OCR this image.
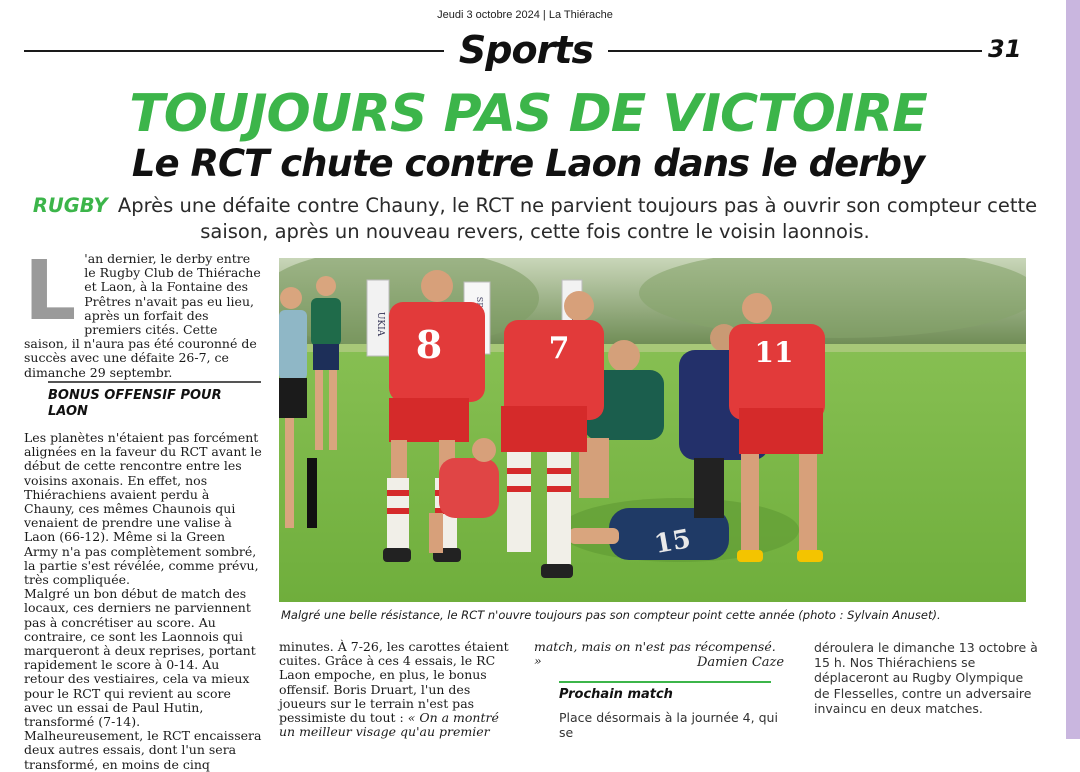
Jeudi 3 octobre 2024 | La Thiérache
Sports	31
TOUJOURS PAS DE VICTOIRE
Le RCT chute contre Laon dans le derby
RUGBY Après une défaite contre Chauny, le RCT ne parvient toujours pas à ouvrir son compteur cette saison, après un nouveau revers, cette fois contre le voisin laonnois.
L 'an dernier, le derby entre le Rugby Club de Thiérache et Laon, à la Fontaine des Prêtres n'avait pas eu lieu, après un forfait des premiers cités. Cette saison, il n'aura pas été couronné de succès avec une défaite 26-7, ce dimanche 29 septembr.
BONUS OFFENSIF POUR LAON

Les planètes n'étaient pas forcément alignées en la faveur du RCT avant le début de cette rencontre entre les voisins axonais. En effet, nos Thiérachiens avaient perdu à Chauny, ces mêmes Chaunois qui venaient de prendre une valise à Laon (66-12). Même si la Green Army n'a pas complètement sombré, la partie s'est révélée, comme prévu, très compliquée.

Malgré un bon début de match des locaux, ces derniers ne parviennent pas à concrétiser au score. Au contraire, ce sont les Laonnois qui marqueront à deux reprises, portant rapidement le score à 0-14. Au retour des vestiaires, cela va mieux pour le RCT qui revient au score avec un essai de Paul Hutin, transformé (7-14). Malheureusement, le RCT encaissera deux autres essais, dont l'un sera transformé, en moins de cinq

UKIA
15
8	7	11
Malgré une belle résistance, le RCT n'ouvre toujours pas son compteur point cette année (photo : Sylvain Anuset).
minutes. À 7-26, les carottes étaient cuites. Grâce à ces 4 essais, le RC Laon empoche, en plus, le bonus offensif. Boris Druart, l'un des joueurs sur le terrain n'est pas pessimiste du tout : « On a montré un meilleur visage qu'au premier
match, mais on n'est pas récompensé. »	Damien Caze
Prochain match
Place désormais à la journée 4, qui se
déroulera le dimanche 13 octobre à 15 h. Nos Thiérachiens se déplaceront au Rugby Olympique de Flesselles, contre un adversaire invaincu en deux matches.
